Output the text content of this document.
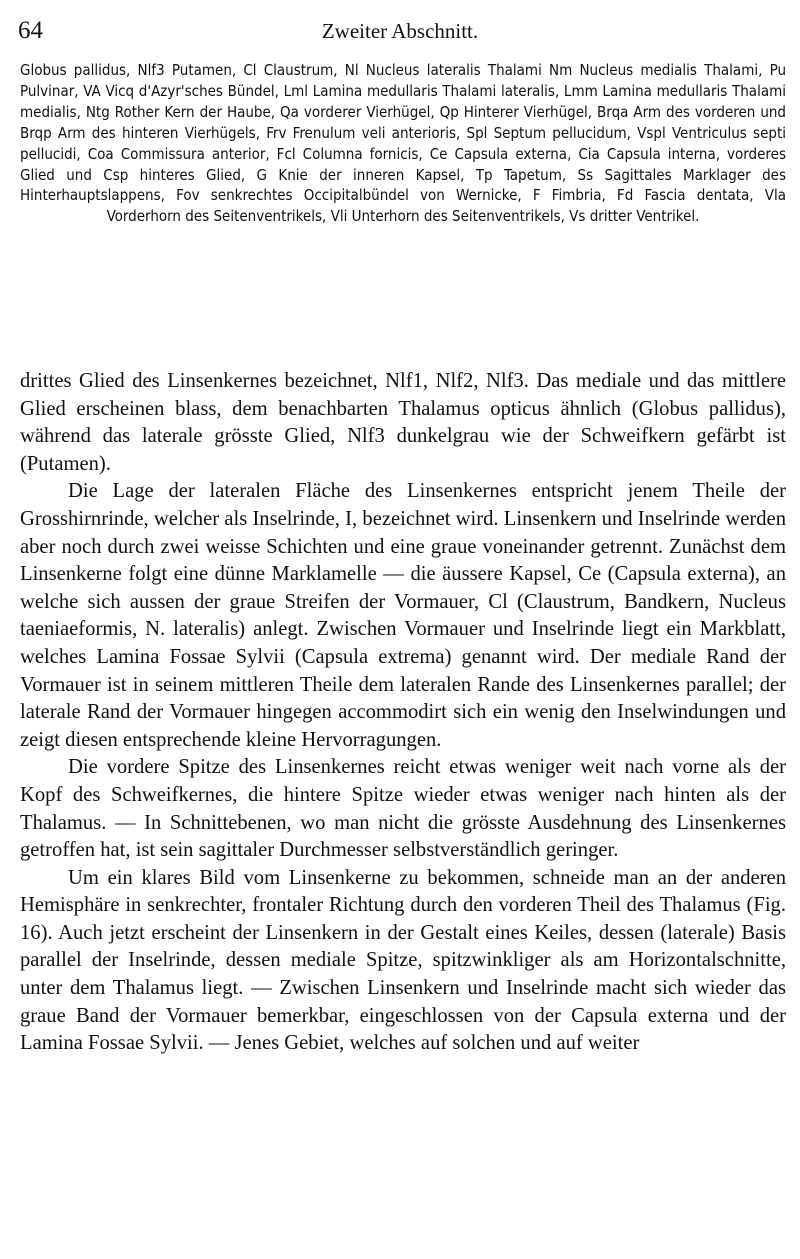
64	Zweiter Abschnitt.
Globus pallidus, Nlf3 Putamen, Cl Claustrum, Nl Nucleus lateralis Thalami Nm Nucleus medialis Thalami, Pu Pulvinar, VA Vicq d'Azyr'sches Bündel, Lml Lamina medullaris Thalami lateralis, Lmm Lamina medullaris Thalami medialis, Ntg Rother Kern der Haube, Qa vorderer Vierhügel, Qp Hinterer Vierhügel, Brqa Arm des vorderen und Brqp Arm des hinteren Vierhügels, Frv Frenulum veli anterioris, Spl Septum pellucidum, Vspl Ventriculus septi pellucidi, Coa Commissura anterior, Fcl Columna fornicis, Ce Capsula externa, Cia Capsula interna, vorderes Glied und Csp hinteres Glied, G Knie der inneren Kapsel, Tp Tapetum, Ss Sagittales Marklager des Hinterhauptslappens, Fov senkrechtes Occipitalbündel von Wernicke, F Fimbria, Fd Fascia dentata, Vla Vorderhorn des Seitenventrikels, Vli Unterhorn des Seitenventrikels, Vs dritter Ventrikel.

drittes Glied des Linsenkernes bezeichnet, Nlf1, Nlf2, Nlf3. Das mediale und das mittlere Glied erscheinen blass, dem benachbarten Thalamus opticus ähnlich (Globus pallidus), während das laterale grösste Glied, Nlf3 dunkelgrau wie der Schweifkern gefärbt ist (Putamen).

Die Lage der lateralen Fläche des Linsenkernes entspricht jenem Theile der Grosshirnrinde, welcher als Inselrinde, I, bezeichnet wird. Linsenkern und Inselrinde werden aber noch durch zwei weisse Schichten und eine graue voneinander getrennt. Zunächst dem Linsenkerne folgt eine dünne Marklamelle — die äussere Kapsel, Ce (Capsula externa), an welche sich aussen der graue Streifen der Vormauer, Cl (Claustrum, Bandkern, Nucleus taeniaeformis, N. lateralis) anlegt. Zwischen Vormauer und Inselrinde liegt ein Markblatt, welches Lamina Fossae Sylvii (Capsula extrema) genannt wird. Der mediale Rand der Vormauer ist in seinem mittleren Theile dem lateralen Rande des Linsenkernes parallel; der laterale Rand der Vormauer hingegen accommodirt sich ein wenig den Inselwindungen und zeigt diesen entsprechende kleine Hervorragungen.

Die vordere Spitze des Linsenkernes reicht etwas weniger weit nach vorne als der Kopf des Schweifkernes, die hintere Spitze wieder etwas weniger nach hinten als der Thalamus. — In Schnittebenen, wo man nicht die grösste Ausdehnung des Linsenkernes getroffen hat, ist sein sagittaler Durchmesser selbstverständlich geringer.

Um ein klares Bild vom Linsenkerne zu bekommen, schneide man an der anderen Hemisphäre in senkrechter, frontaler Richtung durch den vorderen Theil des Thalamus (Fig. 16). Auch jetzt erscheint der Linsenkern in der Gestalt eines Keiles, dessen (laterale) Basis parallel der Inselrinde, dessen mediale Spitze, spitzwinkliger als am Horizontalschnitte, unter dem Thalamus liegt. — Zwischen Linsenkern und Inselrinde macht sich wieder das graue Band der Vormauer bemerkbar, eingeschlossen von der Capsula externa und der Lamina Fossae Sylvii. — Jenes Gebiet, welches auf solchen und auf weiter
